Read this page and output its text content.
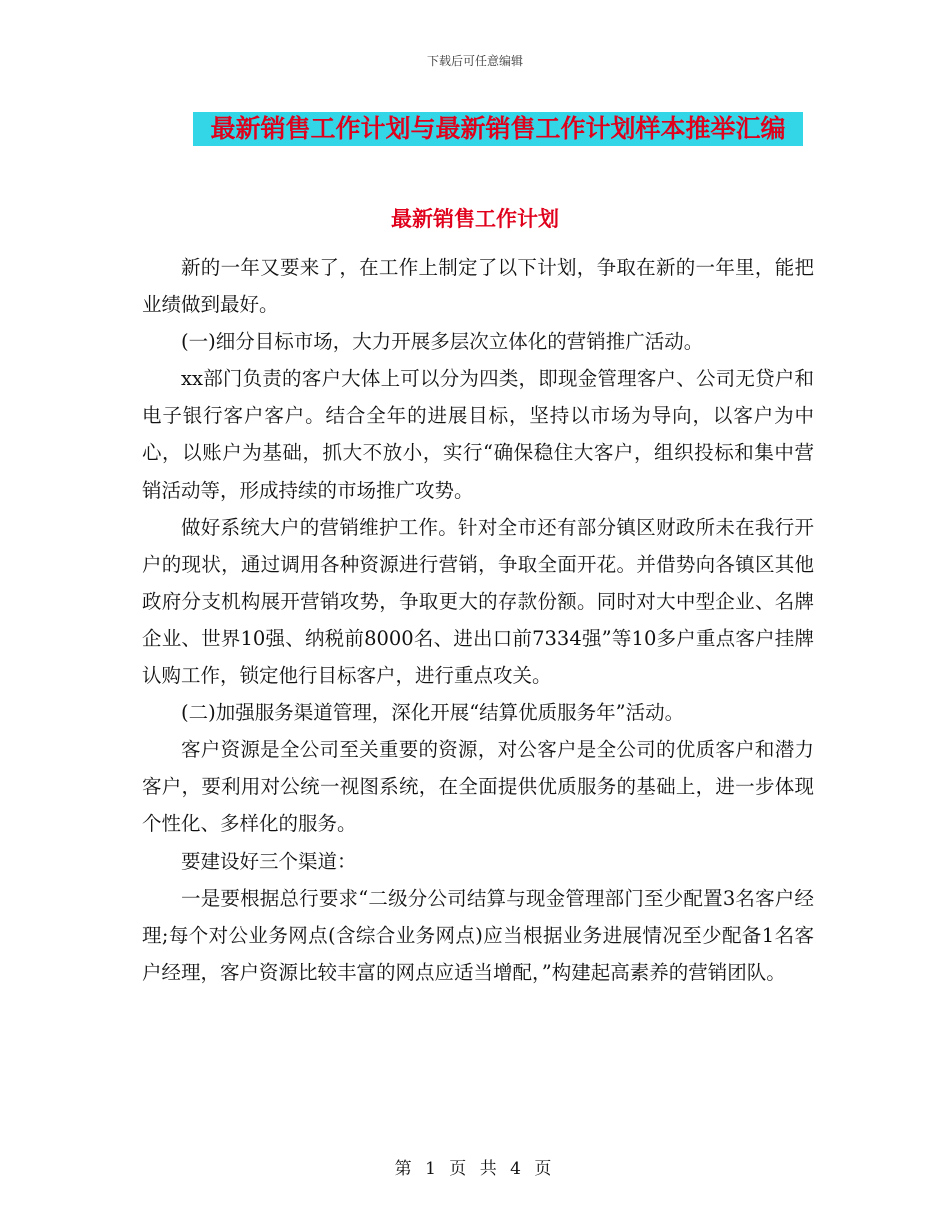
下载后可任意编辑
最新销售工作计划与最新销售工作计划样本推举汇编
最新销售工作计划

新的一年又要来了，在工作上制定了以下计划，争取在新的一年里，能把业绩做到最好。

(一)细分目标市场，大力开展多层次立体化的营销推广活动。

xx部门负责的客户大体上可以分为四类，即现金管理客户、公司无贷户和电子银行客户客户。结合全年的进展目标，坚持以市场为导向，以客户为中心，以账户为基础，抓大不放小，实行“确保稳住大客户，组织投标和集中营销活动等，形成持续的市场推广攻势。

做好系统大户的营销维护工作。针对全市还有部分镇区财政所未在我行开户的现状，通过调用各种资源进行营销，争取全面开花。并借势向各镇区其他政府分支机构展开营销攻势，争取更大的存款份额。同时对大中型企业、名牌企业、世界10强、纳税前8000名、进出口前7334强”等10多户重点客户挂牌认购工作，锁定他行目标客户，进行重点攻关。

(二)加强服务渠道管理，深化开展“结算优质服务年”活动。

客户资源是全公司至关重要的资源，对公客户是全公司的优质客户和潜力客户，要利用对公统一视图系统，在全面提供优质服务的基础上，进一步体现个性化、多样化的服务。

要建设好三个渠道：

一是要根据总行要求“二级分公司结算与现金管理部门至少配置3名客户经理;每个对公业务网点(含综合业务网点)应当根据业务进展情况至少配备1名客户经理，客户资源比较丰富的网点应适当增配，”构建起高素养的营销团队。

第 1 页 共 4 页
